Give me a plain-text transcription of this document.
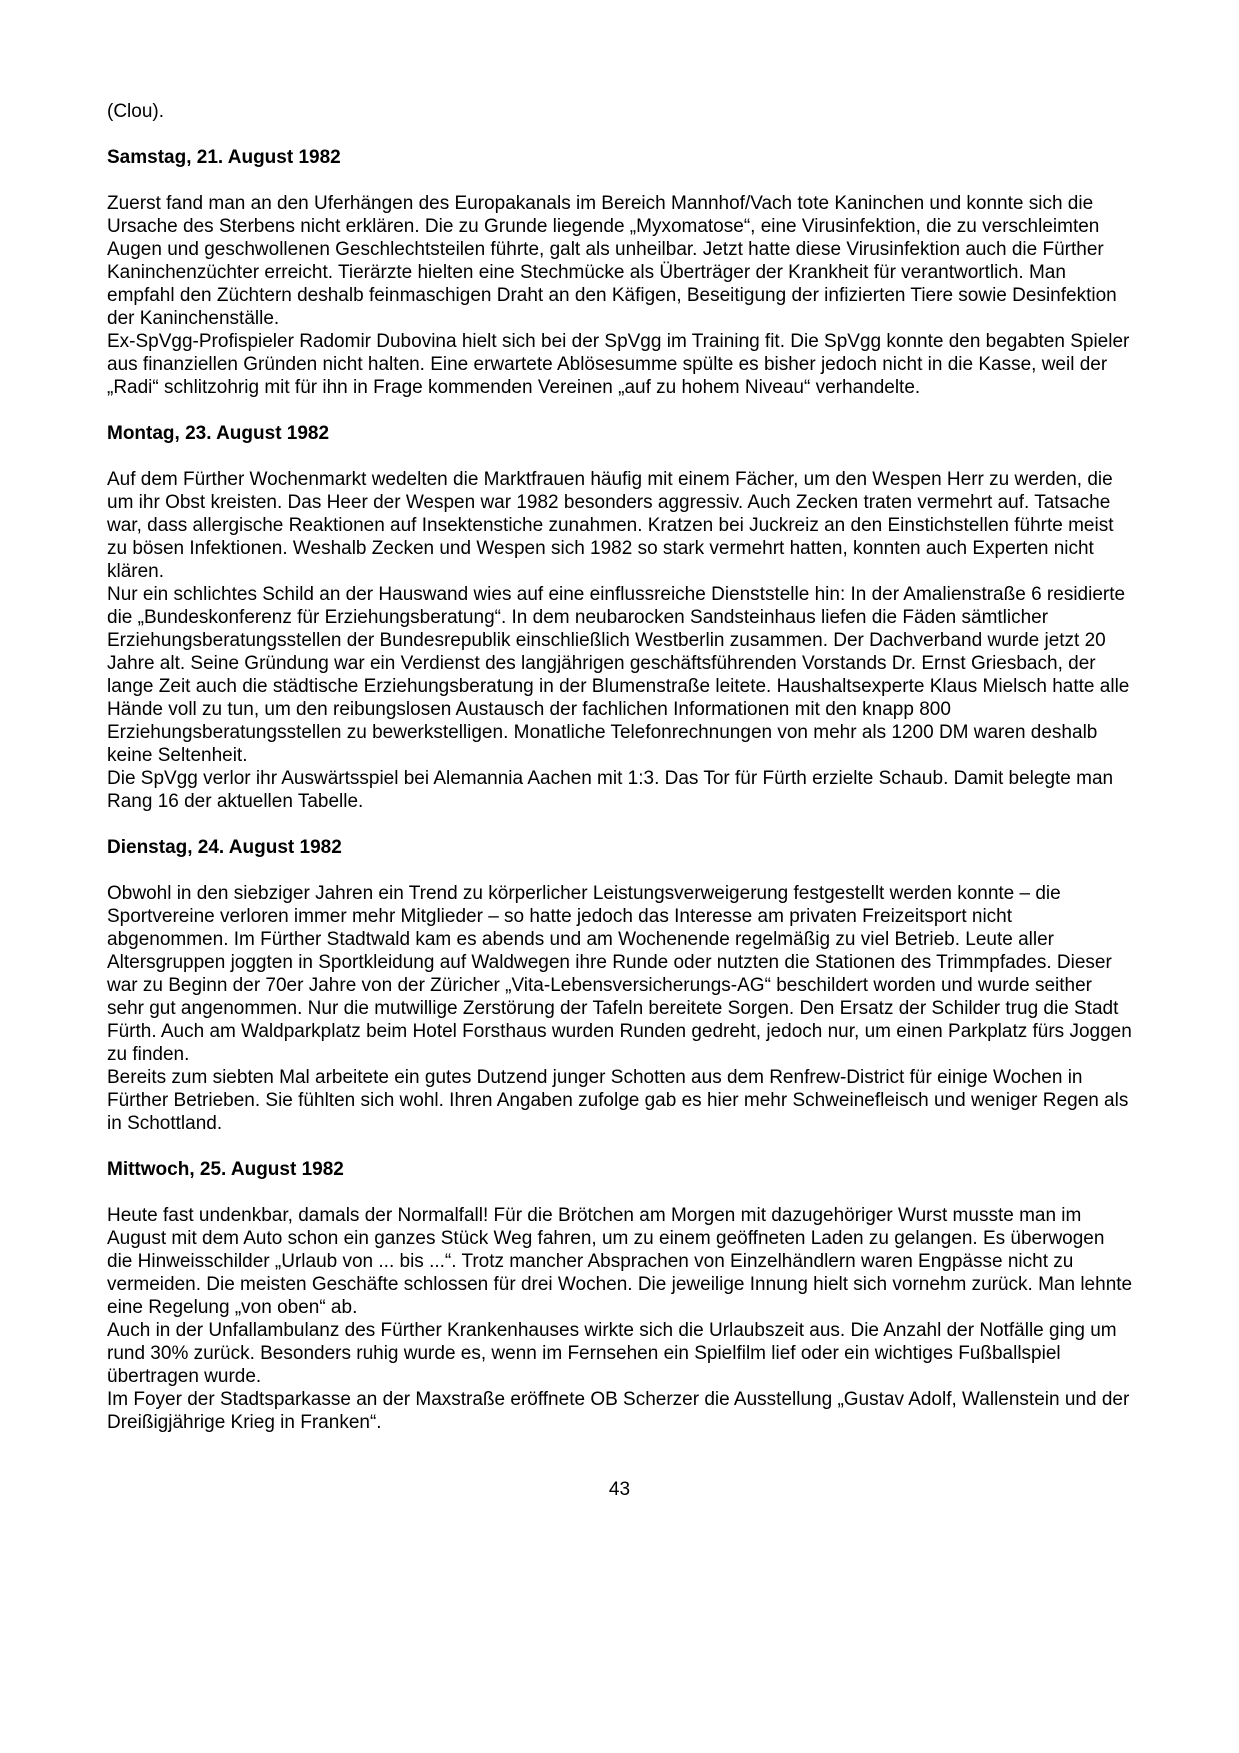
(Clou).

Samstag, 21. August 1982

Zuerst fand man an den Uferhängen des Europakanals im Bereich Mannhof/Vach tote Kaninchen und konnte sich die Ursache des Sterbens nicht erklären. Die zu Grunde liegende „Myxomatose“, eine Virusinfektion, die zu verschleimten Augen und geschwollenen Geschlechtsteilen führte, galt als unheilbar. Jetzt hatte diese Virusinfektion auch die Fürther Kaninchenzüchter erreicht. Tierärzte hielten eine Stechmücke als Überträger der Krankheit für verantwortlich. Man empfahl den Züchtern deshalb feinmaschigen Draht an den Käfigen, Beseitigung der infizierten Tiere sowie Desinfektion der Kaninchenställe.

Ex-SpVgg-Profispieler Radomir Dubovina hielt sich bei der SpVgg im Training fit. Die SpVgg konnte den begabten Spieler aus finanziellen Gründen nicht halten. Eine erwartete Ablösesumme spülte es bisher jedoch nicht in die Kasse, weil der „Radi“ schlitzohrig mit für ihn in Frage kommenden Vereinen „auf zu hohem Niveau“ verhandelte.

Montag, 23. August 1982

Auf dem Fürther Wochenmarkt wedelten die Marktfrauen häufig mit einem Fächer, um den Wespen Herr zu werden, die um ihr Obst kreisten. Das Heer der Wespen war 1982 besonders aggressiv. Auch Zecken traten vermehrt auf. Tatsache war, dass allergische Reaktionen auf Insektenstiche zunahmen. Kratzen bei Juckreiz an den Einstichstellen führte meist zu bösen Infektionen. Weshalb Zecken und Wespen sich 1982 so stark vermehrt hatten, konnten auch Experten nicht klären.

Nur ein schlichtes Schild an der Hauswand wies auf eine einflussreiche Dienststelle hin: In der Amalienstraße 6 residierte die „Bundeskonferenz für Erziehungsberatung“. In dem neubarocken Sandsteinhaus liefen die Fäden sämtlicher Erziehungsberatungsstellen der Bundesrepublik einschließlich Westberlin zusammen. Der Dachverband wurde jetzt 20 Jahre alt. Seine Gründung war ein Verdienst des langjährigen geschäftsführenden Vorstands Dr. Ernst Griesbach, der lange Zeit auch die städtische Erziehungsberatung in der Blumenstraße leitete. Haushaltsexperte Klaus Mielsch hatte alle Hände voll zu tun, um den reibungslosen Austausch der fachlichen Informationen mit den knapp 800 Erziehungsberatungsstellen zu bewerkstelligen. Monatliche Telefonrechnungen von mehr als 1200 DM waren deshalb keine Seltenheit.

Die SpVgg verlor ihr Auswärtsspiel bei Alemannia Aachen mit 1:3. Das Tor für Fürth erzielte Schaub. Damit belegte man Rang 16 der aktuellen Tabelle.

Dienstag, 24. August 1982

Obwohl in den siebziger Jahren ein Trend zu körperlicher Leistungsverweigerung festgestellt werden konnte – die Sportvereine verloren immer mehr Mitglieder – so hatte jedoch das Interesse am privaten Freizeitsport nicht abgenommen. Im Fürther Stadtwald kam es abends und am Wochenende regelmäßig zu viel Betrieb. Leute aller Altersgruppen joggten in Sportkleidung auf Waldwegen ihre Runde oder nutzten die Stationen des Trimmpfades. Dieser war zu Beginn der 70er Jahre von der Züricher „Vita-Lebensversicherungs-AG“ beschildert worden und wurde seither sehr gut angenommen. Nur die mutwillige Zerstörung der Tafeln bereitete Sorgen. Den Ersatz der Schilder trug die Stadt Fürth. Auch am Waldparkplatz beim Hotel Forsthaus wurden Runden gedreht, jedoch nur, um einen Parkplatz fürs Joggen zu finden.

Bereits zum siebten Mal arbeitete ein gutes Dutzend junger Schotten aus dem Renfrew-District für einige Wochen in Fürther Betrieben. Sie fühlten sich wohl. Ihren Angaben zufolge gab es hier mehr Schweinefleisch und weniger Regen als in Schottland.

Mittwoch, 25. August 1982

Heute fast undenkbar, damals der Normalfall! Für die Brötchen am Morgen mit dazugehöriger Wurst musste man im August mit dem Auto schon ein ganzes Stück Weg fahren, um zu einem geöffneten Laden zu gelangen. Es überwogen die Hinweisschilder „Urlaub von ... bis ...“. Trotz mancher Absprachen von Einzelhändlern waren Engpässe nicht zu vermeiden. Die meisten Geschäfte schlossen für drei Wochen. Die jeweilige Innung hielt sich vornehm zurück. Man lehnte eine Regelung „von oben“ ab.

Auch in der Unfallambulanz des Fürther Krankenhauses wirkte sich die Urlaubszeit aus. Die Anzahl der Notfälle ging um rund 30% zurück. Besonders ruhig wurde es, wenn im Fernsehen ein Spielfilm lief oder ein wichtiges Fußballspiel übertragen wurde.

Im Foyer der Stadtsparkasse an der Maxstraße eröffnete OB Scherzer die Ausstellung „Gustav Adolf, Wallenstein und der Dreißigjährige Krieg in Franken“.

43
